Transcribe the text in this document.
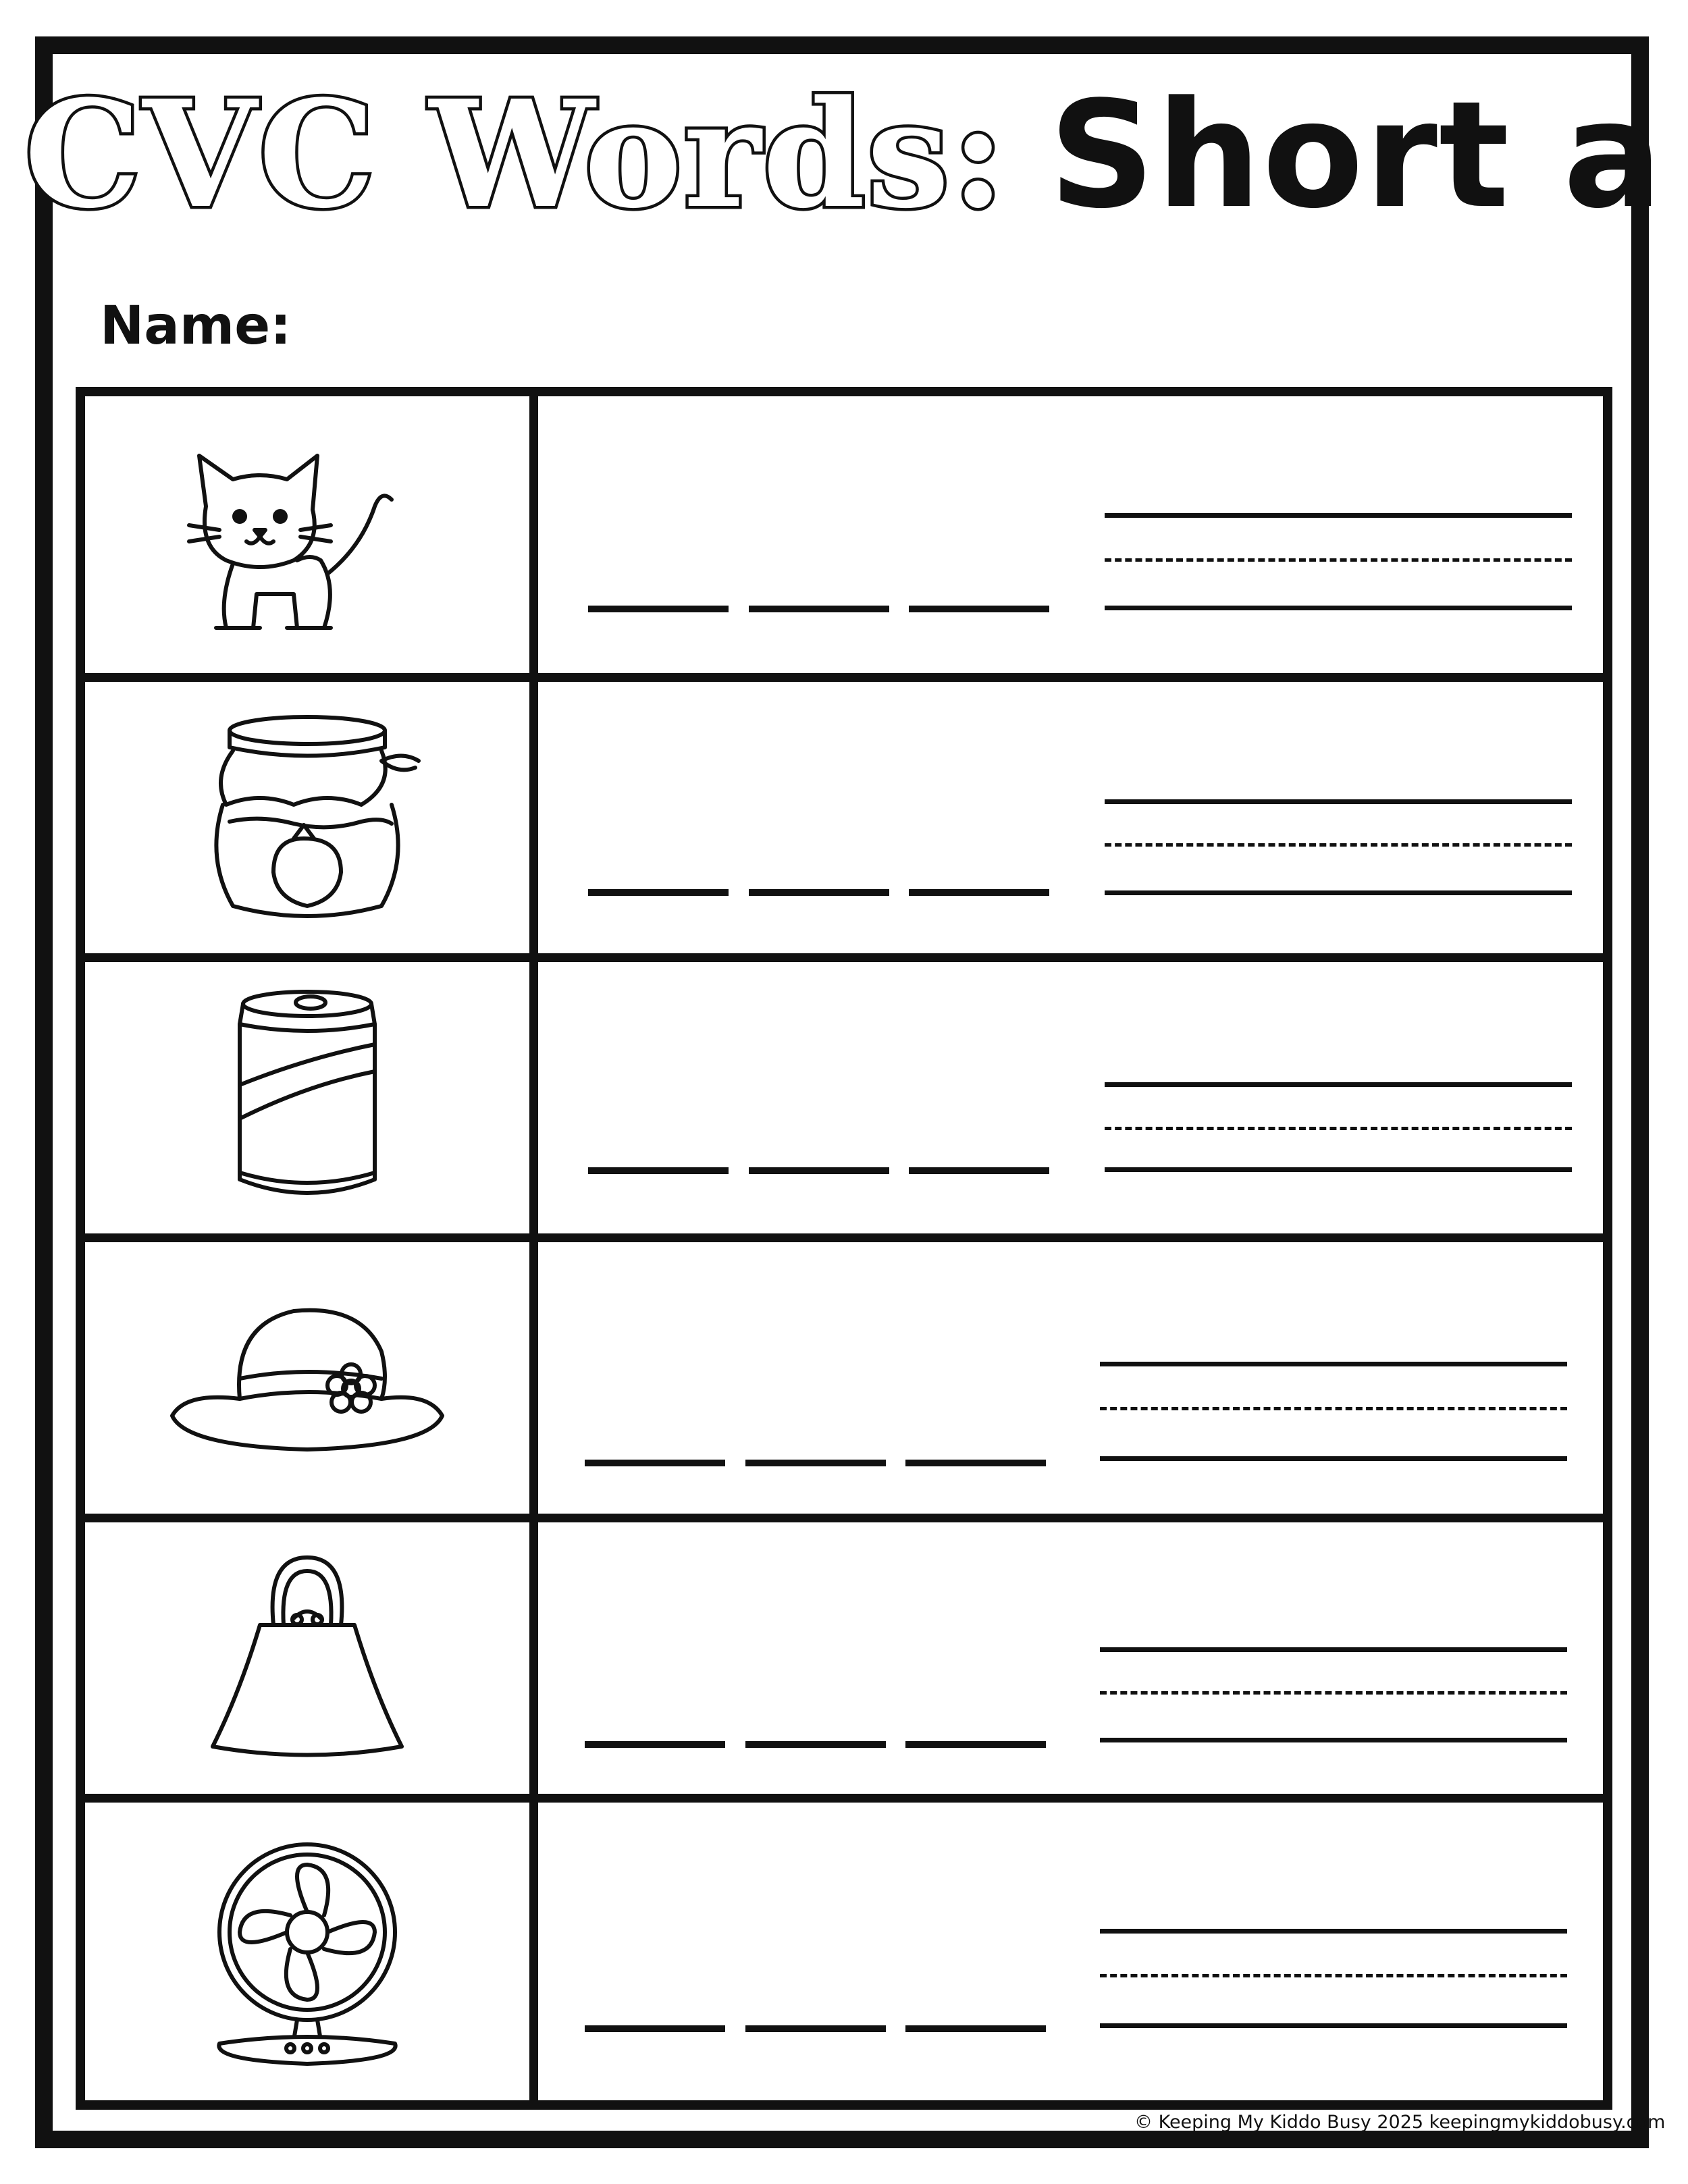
CVC Words: Short a
Name:
© Keeping My Kiddo Busy 2025 keepingmykiddobusy.com
